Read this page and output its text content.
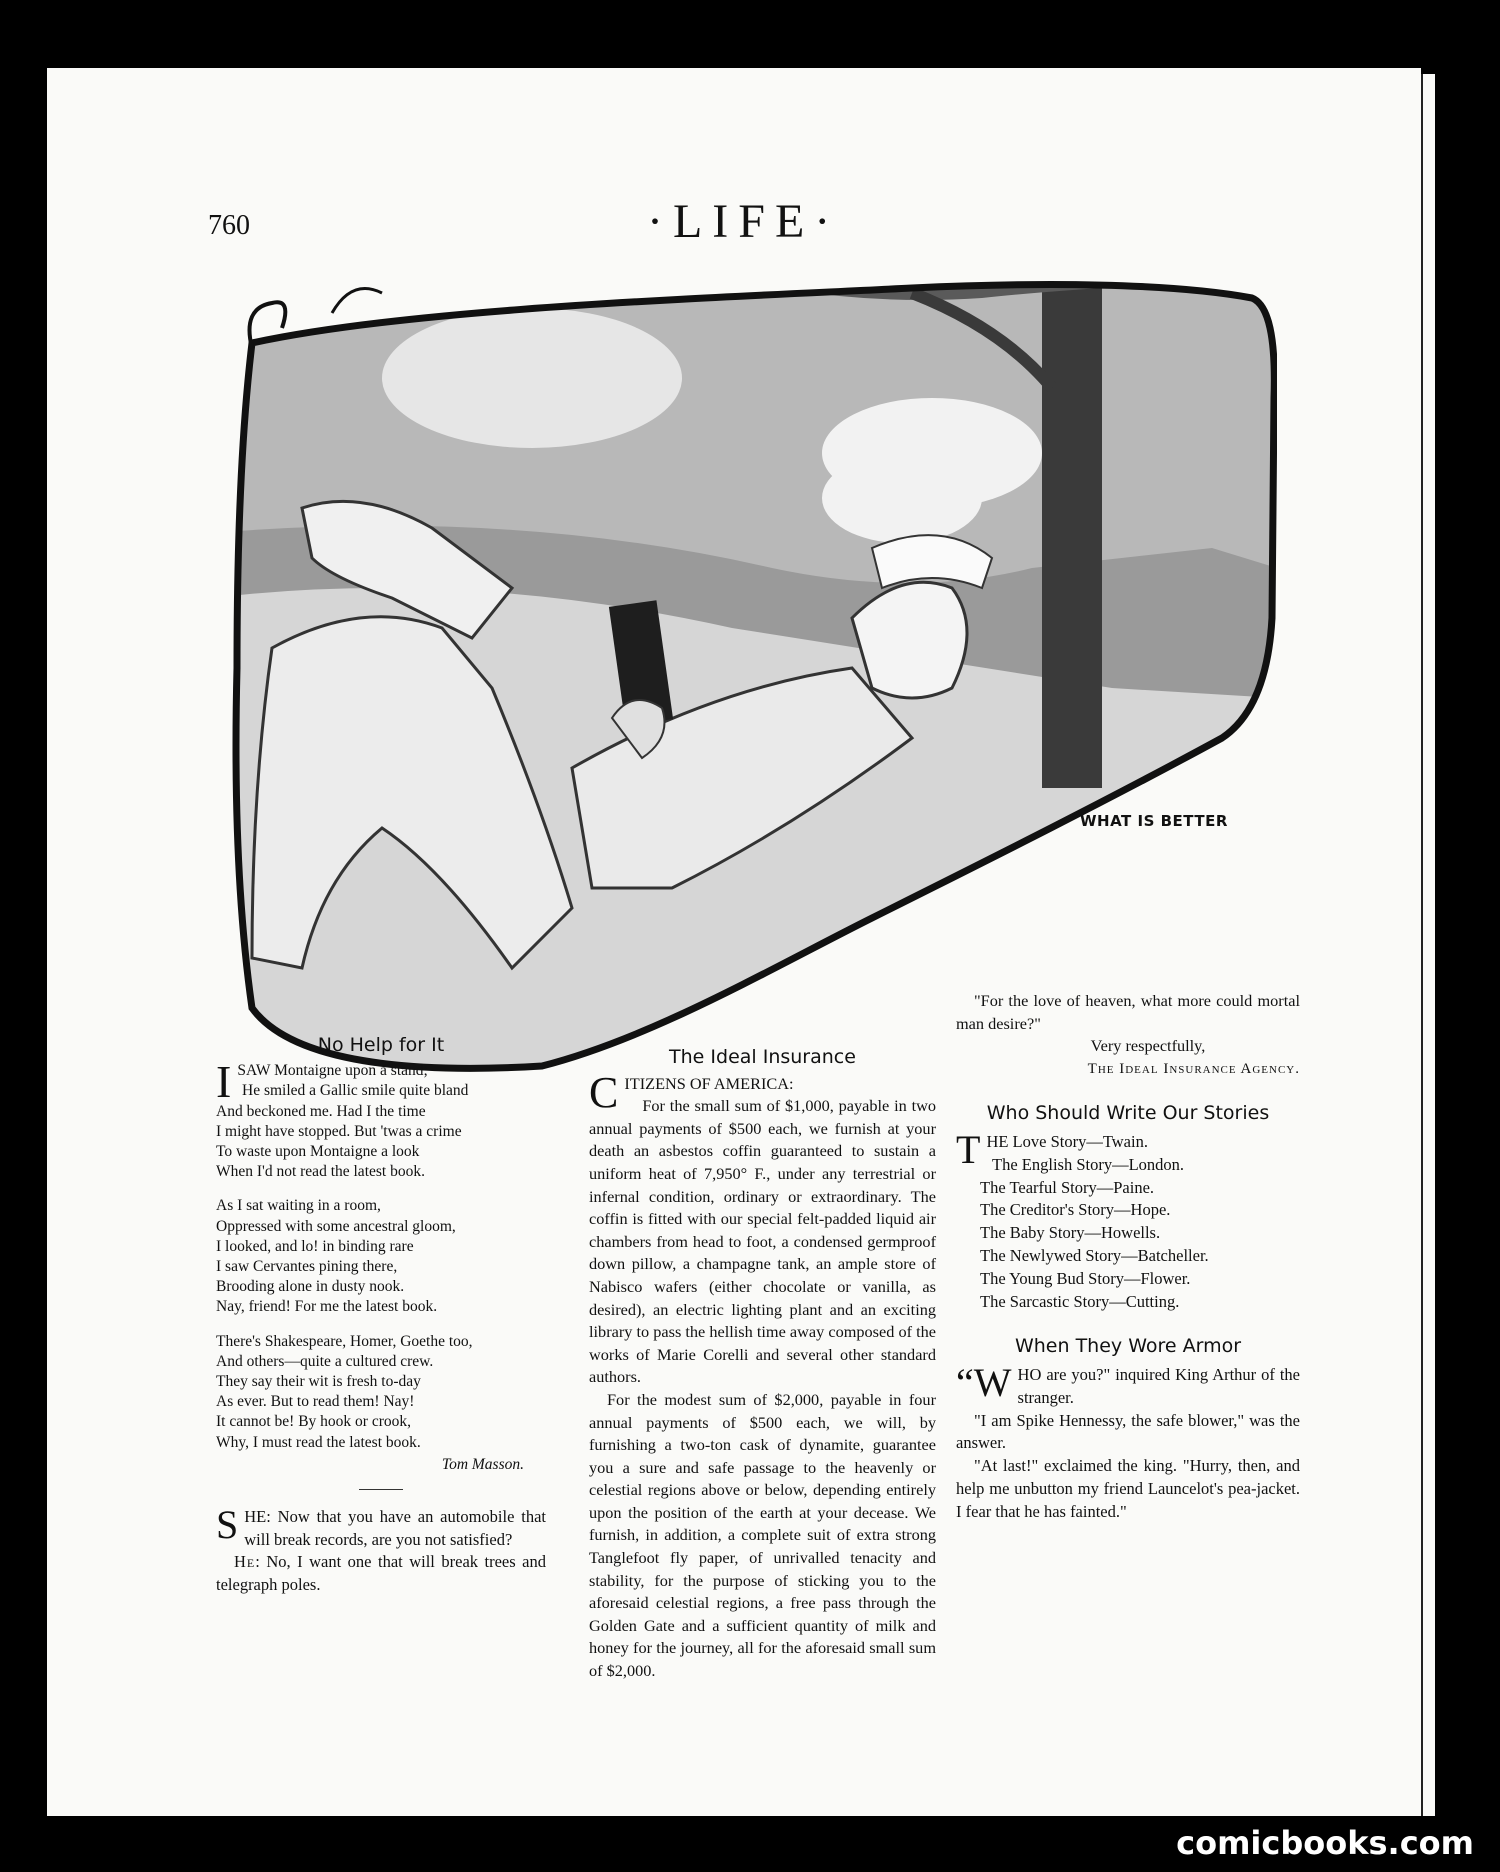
760	·LIFE·
WHAT IS BETTER
No Help for It
I SAW Montaigne upon a stand;
He smiled a Gallic smile quite bland
And beckoned me. Had I the time
I might have stopped. But 'twas a crime
To waste upon Montaigne a look
When I'd not read the latest book.
As I sat waiting in a room,
Oppressed with some ancestral gloom,
I looked, and lo! in binding rare
I saw Cervantes pining there,
Brooding alone in dusty nook.
Nay, friend! For me the latest book.
There's Shakespeare, Homer, Goethe too,
And others—quite a cultured crew.
They say their wit is fresh to-day
As ever. But to read them! Nay!
It cannot be! By hook or crook,
Why, I must read the latest book.
Tom Masson.

SHE: Now that you have an automobile that will break records, are you not satisfied?

He: No, I want one that will break trees and telegraph poles.

The Ideal Insurance

CITIZENS OF AMERICA:

For the small sum of $1,000, payable in two annual payments of $500 each, we furnish at your death an asbestos coffin guaranteed to sustain a uniform heat of 7,950° F., under any terrestrial or infernal condition, ordinary or extraordinary. The coffin is fitted with our special felt-padded liquid air chambers from head to foot, a condensed germproof down pillow, a champagne tank, an ample store of Nabisco wafers (either chocolate or vanilla, as desired), an electric lighting plant and an exciting library to pass the hellish time away composed of the works of Marie Corelli and several other standard authors.

For the modest sum of $2,000, payable in four annual payments of $500 each, we will, by furnishing a two-ton cask of dynamite, guarantee you a sure and safe passage to the heavenly or celestial regions above or below, depending entirely upon the position of the earth at your decease. We furnish, in addition, a complete suit of extra strong Tanglefoot fly paper, of unrivalled tenacity and stability, for the purpose of sticking you to the aforesaid celestial regions, a free pass through the Golden Gate and a sufficient quantity of milk and honey for the journey, all for the aforesaid small sum of $2,000.

"For the love of heaven, what more could mortal man desire?"

Very respectfully,

The Ideal Insurance Agency.

Who Should Write Our Stories
THE Love Story—Twain.
The English Story—London.
The Tearful Story—Paine.
The Creditor's Story—Hope.
The Baby Story—Howells.
The Newlywed Story—Batcheller.
The Young Bud Story—Flower.
The Sarcastic Story—Cutting.
When They Wore Armor

“W HO are you?" inquired King Arthur of the stranger.

"I am Spike Hennessy, the safe blower," was the answer.

"At last!" exclaimed the king. "Hurry, then, and help me unbutton my friend Launcelot's pea-jacket. I fear that he has fainted."

comicbooks.com
